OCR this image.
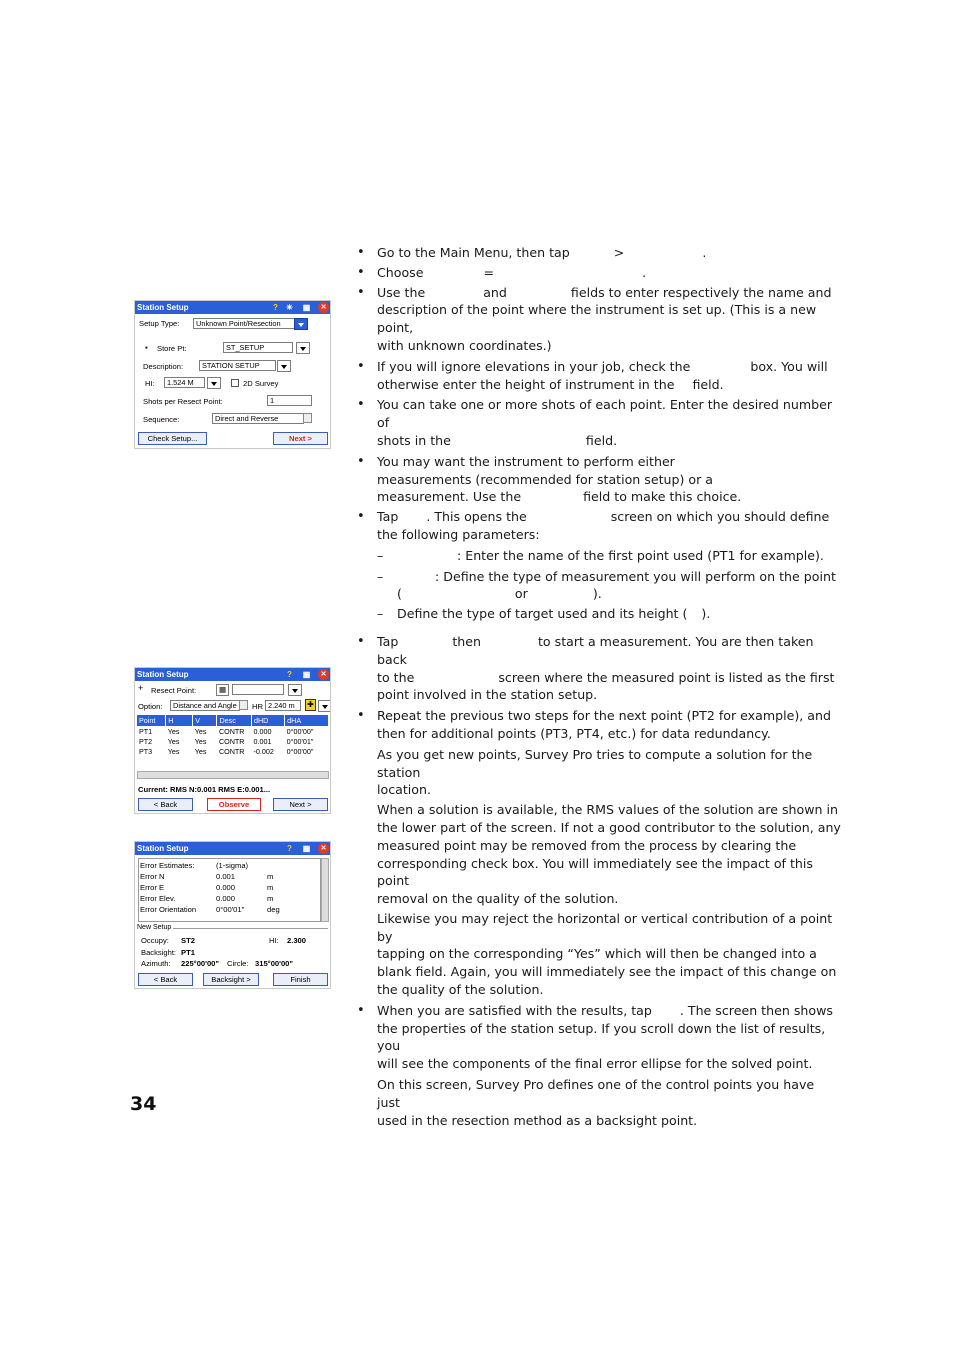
Station Setup	?	✳ ▦	✕
Setup Type:	Unknown Point/Resection
▪ Store Pt:	ST_SETUP
Description:	STATION SETUP
HI:	1.524 M	2D Survey
Shots per Resect Point:	1
Sequence:	Direct and Reverse
Check Setup...	Next >
Station Setup	?	▦	✕
+ Resect Point:	▦
Option:	Distance and Angle	HR 2.240 m	✚
Point	H	V	Desc	dHD	dHA
PT1	Yes	Yes	CONTR	0.000	0°00'00"
PT2	Yes	Yes	CONTR	0.001	0°00'01"
PT3	Yes	Yes	CONTR	-0.002	0°00'00"
Current: RMS N:0.001 RMS E:0.001...
< Back	Observe	Next >
Station Setup	?	▦	✕
Error Estimates:	(1-sigma)
Error N	0.001	m
Error E	0.000	m
Error Elev.	0.000	m
Error Orientation	0°00'01"	deg
New Setup
Occupy: ST2	HI: 2.300
Backsight: PT1
Azimuth: 225°00'00" Circle: 315°00'00"
< Back	Backsight >	Finish
• Go to the Main Menu, then tap	>	.
• Choose	=	.
• Use the	and	fields to enter respectively the name and
description of the point where the instrument is set up. (This is a new point,
with unknown coordinates.)
• If you will ignore elevations in your job, check the	box. You will
otherwise enter the height of instrument in the field.
• You can take one or more shots of each point. Enter the desired number of
shots in the	field.
• You may want the instrument to perform either
measurements (recommended for station setup) or a
measurement. Use the	field to make this choice.
• Tap . This opens the	screen on which you should define
the following parameters:
– : Enter the name of the first point used (PT1 for example).
– : Define the type of measurement you will perform on the point
(	or	).
– Define the type of target used and its height ( ).
• Tap	then	to start a measurement. You are then taken back
to the	screen where the measured point is listed as the first
point involved in the station setup.
• Repeat the previous two steps for the next point (PT2 for example), and
then for additional points (PT3, PT4, etc.) for data redundancy.
As you get new points, Survey Pro tries to compute a solution for the station
location.
When a solution is available, the RMS values of the solution are shown in
the lower part of the screen. If not a good contributor to the solution, any
measured point may be removed from the process by clearing the
corresponding check box. You will immediately see the impact of this point
removal on the quality of the solution.
Likewise you may reject the horizontal or vertical contribution of a point by
tapping on the corresponding “Yes” which will then be changed into a
blank field. Again, you will immediately see the impact of this change on
the quality of the solution.
• When you are satisfied with the results, tap . The screen then shows
the properties of the station setup. If you scroll down the list of results, you
will see the components of the final error ellipse for the solved point.
On this screen, Survey Pro defines one of the control points you have just
used in the resection method as a backsight point.
34
